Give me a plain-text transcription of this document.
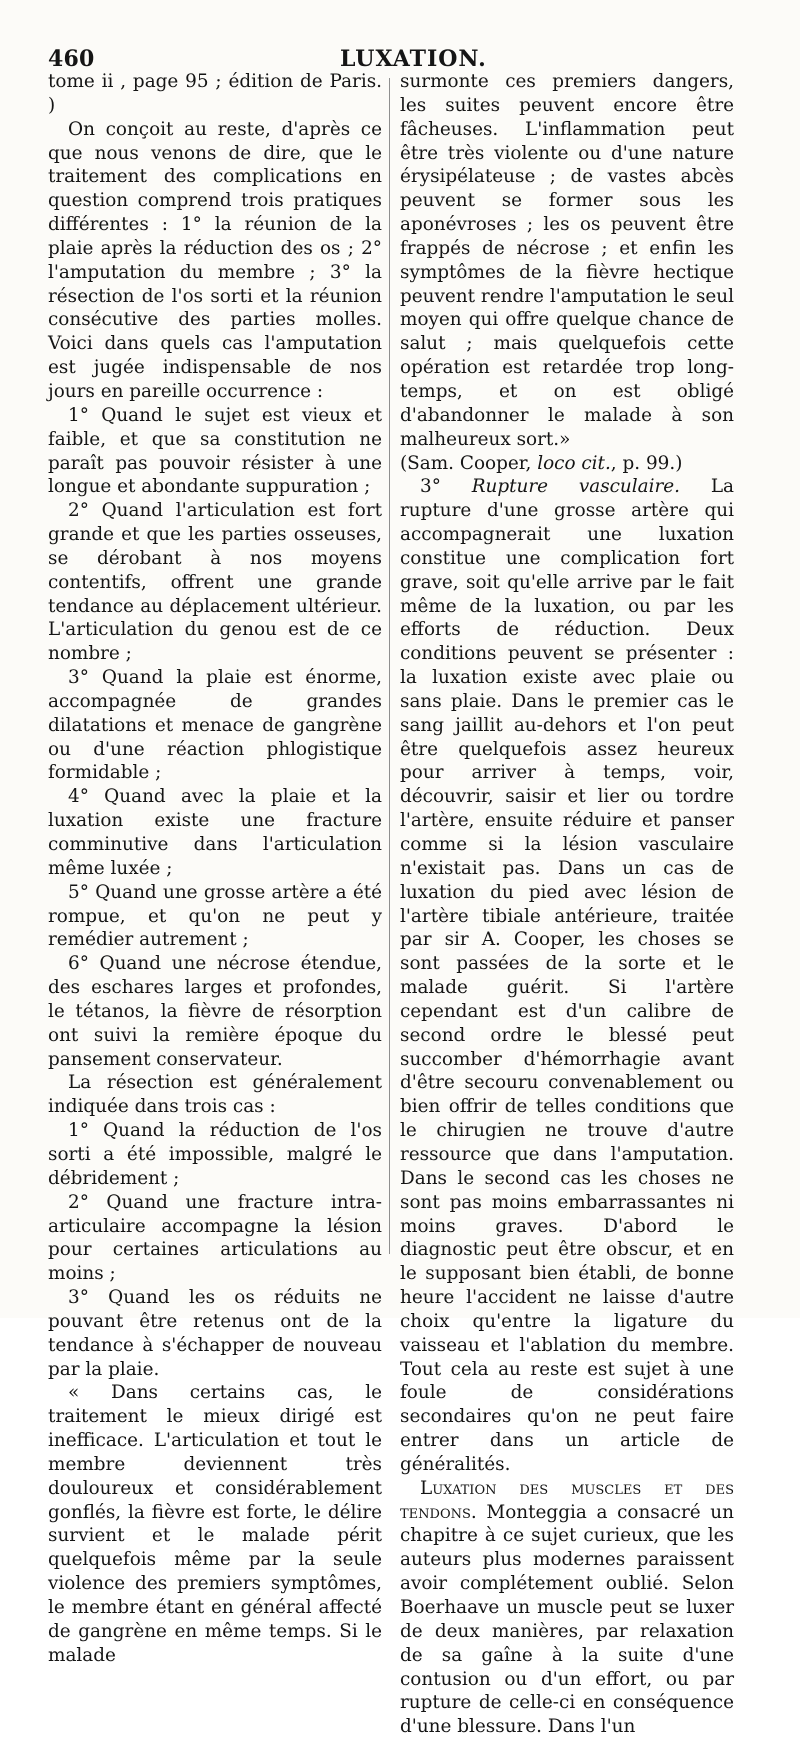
460	LUXATION.

tome ii , page 95 ; édition de Paris. )

On conçoit au reste, d'après ce que nous venons de dire, que le traitement des complications en question comprend trois pratiques différentes : 1° la réunion de la plaie après la réduction des os ; 2° l'amputation du membre ; 3° la résection de l'os sorti et la réunion consécutive des parties molles. Voici dans quels cas l'amputation est jugée indispensable de nos jours en pareille occurrence :

1° Quand le sujet est vieux et faible, et que sa constitution ne paraît pas pouvoir résister à une longue et abondante suppuration ;

2° Quand l'articulation est fort grande et que les parties osseuses, se dérobant à nos moyens contentifs, offrent une grande tendance au déplacement ultérieur. L'articulation du genou est de ce nombre ;

3° Quand la plaie est énorme, accompagnée de grandes dilatations et menace de gangrène ou d'une réaction phlogistique formidable ;

4° Quand avec la plaie et la luxation existe une fracture comminutive dans l'articulation même luxée ;

5° Quand une grosse artère a été rompue, et qu'on ne peut y remédier autrement ;

6° Quand une nécrose étendue, des eschares larges et profondes, le tétanos, la fièvre de résorption ont suivi la remière époque du pansement conservateur.

La résection est généralement indiquée dans trois cas :

1° Quand la réduction de l'os sorti a été impossible, malgré le débridement ;

2° Quand une fracture intra-articulaire accompagne la lésion pour certaines articulations au moins ;

3° Quand les os réduits ne pouvant être retenus ont de la tendance à s'échapper de nouveau par la plaie.

« Dans certains cas, le traitement le mieux dirigé est inefficace. L'articulation et tout le membre deviennent très douloureux et considérablement gonflés, la fièvre est forte, le délire survient et le malade périt quelquefois même par la seule violence des premiers symptômes, le membre étant en général affecté de gangrène en même temps. Si le malade

surmonte ces premiers dangers, les suites peuvent encore être fâcheuses. L'inflammation peut être très violente ou d'une nature érysipélateuse ; de vastes abcès peuvent se former sous les aponévroses ; les os peuvent être frappés de nécrose ; et enfin les symptômes de la fièvre hectique peuvent rendre l'amputation le seul moyen qui offre quelque chance de salut ; mais quelquefois cette opération est retardée trop long-temps, et on est obligé d'abandonner le malade à son malheureux sort.»

(Sam. Cooper, loco cit., p. 99.)

3° Rupture vasculaire. La rupture d'une grosse artère qui accompagnerait une luxation constitue une complication fort grave, soit qu'elle arrive par le fait même de la luxation, ou par les efforts de réduction. Deux conditions peuvent se présenter : la luxation existe avec plaie ou sans plaie. Dans le premier cas le sang jaillit au-dehors et l'on peut être quelquefois assez heureux pour arriver à temps, voir, découvrir, saisir et lier ou tordre l'artère, ensuite réduire et panser comme si la lésion vasculaire n'existait pas. Dans un cas de luxation du pied avec lésion de l'artère tibiale antérieure, traitée par sir A. Cooper, les choses se sont passées de la sorte et le malade guérit. Si l'artère cependant est d'un calibre de second ordre le blessé peut succomber d'hémorrhagie avant d'être secouru convenablement ou bien offrir de telles conditions que le chirugien ne trouve d'autre ressource que dans l'amputation. Dans le second cas les choses ne sont pas moins embarrassantes ni moins graves. D'abord le diagnostic peut être obscur, et en le supposant bien établi, de bonne heure l'accident ne laisse d'autre choix qu'entre la ligature du vaisseau et l'ablation du membre. Tout cela au reste est sujet à une foule de considérations secondaires qu'on ne peut faire entrer dans un article de généralités.

Luxation des muscles et des tendons. Monteggia a consacré un chapitre à ce sujet curieux, que les auteurs plus modernes paraissent avoir complétement oublié. Selon Boerhaave un muscle peut se luxer de deux manières, par relaxation de sa gaîne à la suite d'une contusion ou d'un effort, ou par rupture de celle-ci en conséquence d'une blessure. Dans l'un
